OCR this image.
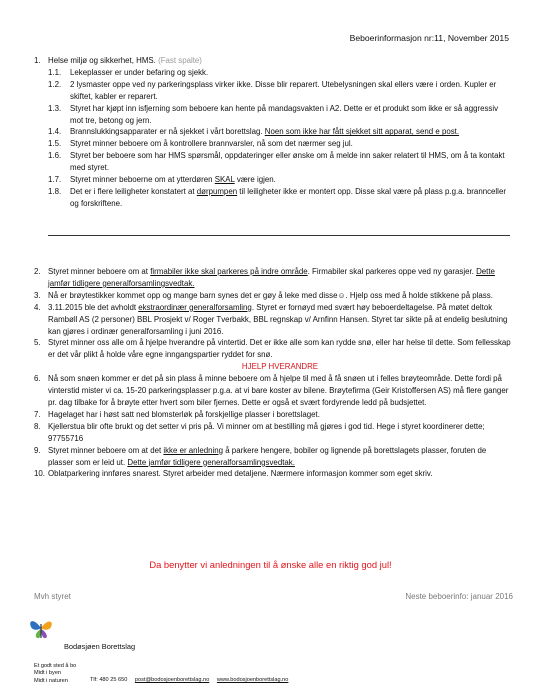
Beboerinformasjon nr:11, November 2015
1. Helse miljø og sikkerhet, HMS. (Fast spalte)
1.1. Lekeplasser er under befaring og sjekk.
1.2. 2 lysmaster oppe ved ny parkeringsplass virker ikke. Disse blir reparert. Utebelysningen skal ellers være i orden. Kupler er skiftet, kabler er reparert.
1.3. Styret har kjøpt inn isfjerning som beboere kan hente på mandagsvakten i A2. Dette er et produkt som ikke er så aggressiv mot tre, betong og jern.
1.4. Brannslukkingsapparater er nå sjekket i vårt borettslag. Noen som ikke har fått sjekket sitt apparat, send e post.
1.5. Styret minner beboere om å kontrollere brannvarsler, nå som det nærmer seg jul.
1.6. Styret ber beboere som har HMS spørsmål, oppdateringer eller ønske om å melde inn saker relatert til HMS, om å ta kontakt med styret.
1.7. Styret minner beboerne om at ytterdøren SKAL være igjen.
1.8. Det er i flere leiligheter konstatert at dørpumpen til leiligheter ikke er montert opp. Disse skal være på plass p.g.a. brannceller og forskriftene.
2. Styret minner beboere om at firmabiler ikke skal parkeres på indre område. Firmabiler skal parkeres oppe ved ny garasjer. Dette jamfør tidligere generalforsamlingsvedtak.
3. Nå er brøytestikker kommet opp og mange barn synes det er gøy å leke med disse☺. Hjelp oss med å holde stikkene på plass.
4. 3.11.2015 ble det avholdt ekstraordinær generalforsamling. Styret er fornøyd med svært høy beboerdeltagelse. På møtet deltok Rambøll AS (2 personer) BBL Prosjekt v/ Roger Tverbakk, BBL regnskap v/ Arnfinn Hansen. Styret tar sikte på at endelig beslutning kan gjøres i ordinær generalforsamling i juni 2016.
5. Styret minner oss alle om å hjelpe hverandre på vintertid. Det er ikke alle som kan rydde snø, eller har helse til dette. Som fellesskap er det vår plikt å holde våre egne inngangspartier ryddet for snø.
HJELP HVERANDRE
6. Nå som snøen kommer er det på sin plass å minne beboere om å hjelpe til med å få snøen ut i felles brøyteområde. Dette fordi på vinterstid mister vi ca. 15-20 parkeringsplasser p.g.a. at vi bare koster av bilene. Brøytefirma (Geir Kristoffersen AS) må flere ganger pr. dag tilbake for å brøyte etter hvert som biler fjernes. Dette er også et svært fordyrende ledd på budsjettet.
7. Hagelaget har i høst satt ned blomsterløk på forskjellige plasser i borettslaget.
8. Kjellerstua blir ofte brukt og det setter vi pris på. Vi minner om at bestilling må gjøres i god tid. Hege i styret koordinerer dette; 97755716
9. Styret minner beboere om at det ikke er anledning å parkere hengere, bobiler og lignende på borettslagets plasser, foruten de plasser som er leid ut. Dette jamfør tidligere generalforsamlingsvedtak.
10. Oblatparkering innføres snarest. Styret arbeider med detaljene. Nærmere informasjon kommer som eget skriv.
Da benytter vi anledningen til å ønske alle en riktig god jul!
Mvh styret	Neste beboerinfo: januar 2016
Bodøsjøen Borettslag
Et godt sted å bo
Midt i byen
Midt i naturen	Tlf: 480 25 650 post@bodosjoenborettslag.no www.bodosjoenborettslag.no
